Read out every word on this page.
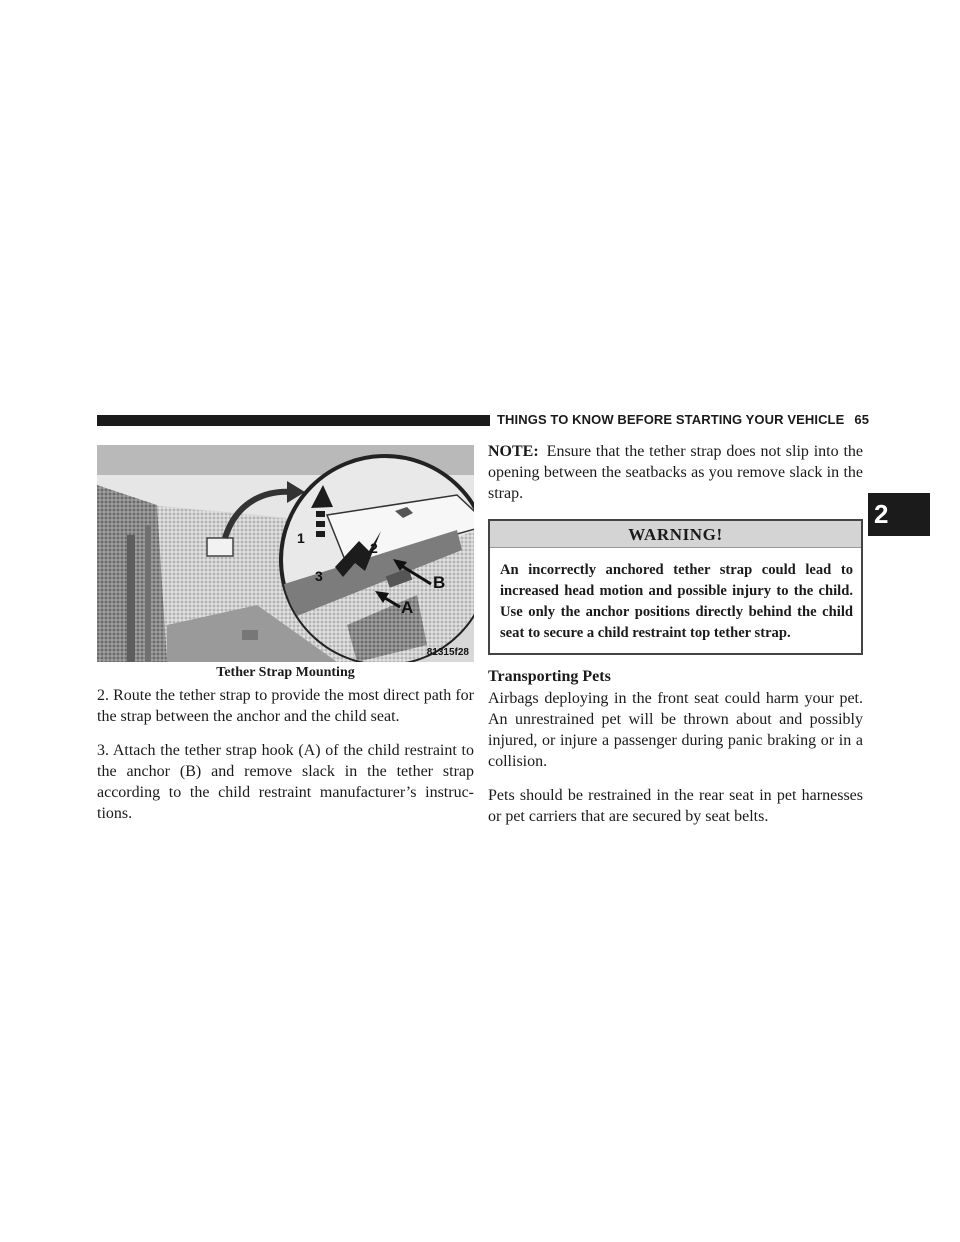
THINGS TO KNOW BEFORE STARTING YOUR VEHICLE 65
2
1
2
3	B
A
81315f28
Tether Strap Mounting

2. Route the tether strap to provide the most direct path for the strap between the anchor and the child seat.

3. Attach the tether strap hook (A) of the child restraint to the anchor (B) and remove slack in the tether strap according to the child restraint manufacturer’s instruc-tions.

NOTE: Ensure that the tether strap does not slip into the opening between the seatbacks as you remove slack in the strap.

WARNING!
An incorrectly anchored tether strap could lead to increased head motion and possible injury to the child. Use only the anchor positions directly behind the child seat to secure a child restraint top tether strap.
Transporting Pets

Airbags deploying in the front seat could harm your pet. An unrestrained pet will be thrown about and possibly injured, or injure a passenger during panic braking or in a collision.

Pets should be restrained in the rear seat in pet harnesses or pet carriers that are secured by seat belts.
